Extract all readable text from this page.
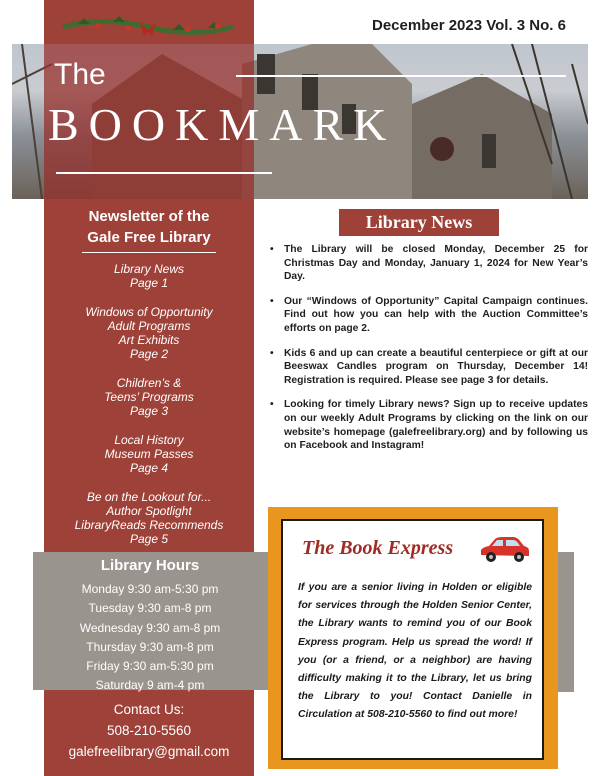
December 2023 Vol. 3 No. 6
The
BOOKMARK
Newsletter of the
Gale Free Library
Library News
Page 1
Windows of Opportunity
Adult Programs
Art Exhibits
Page 2
Children’s &
Teens’ Programs
Page 3
Local History
Museum Passes
Page 4
Be on the Lookout for...
Author Spotlight
LibraryReads Recommends
Page 5
Library Hours
Monday 9:30 am-5:30 pm
Tuesday 9:30 am-8 pm
Wednesday 9:30 am-8 pm
Thursday 9:30 am-8 pm
Friday 9:30 am-5:30 pm
Saturday 9 am-4 pm
Contact Us:
508-210-5560
galefreelibrary@gmail.com
Library News
• The Library will be closed Monday, December 25 for Christmas Day and Monday, January 1, 2024 for New Year’s Day.
• Our “Windows of Opportunity” Capital Campaign continues. Find out how you can help with the Auction Committee’s efforts on page 2.
• Kids 6 and up can create a beautiful centerpiece or gift at our Beeswax Candles program on Thursday, December 14! Registration is required. Please see page 3 for details.
• Looking for timely Library news? Sign up to receive updates on our weekly Adult Programs by clicking on the link on our website’s homepage (galefreelibrary.org) and by following us on Facebook and Instagram!
The Book Express
If you are a senior living in Holden or eligible for services through the Holden Senior Center, the Library wants to remind you of our Book Express program. Help us spread the word! If you (or a friend, or a neighbor) are having difficulty making it to the Library, let us bring the Library to you! Contact Danielle in Circulation at 508-210-5560 to find out more!
